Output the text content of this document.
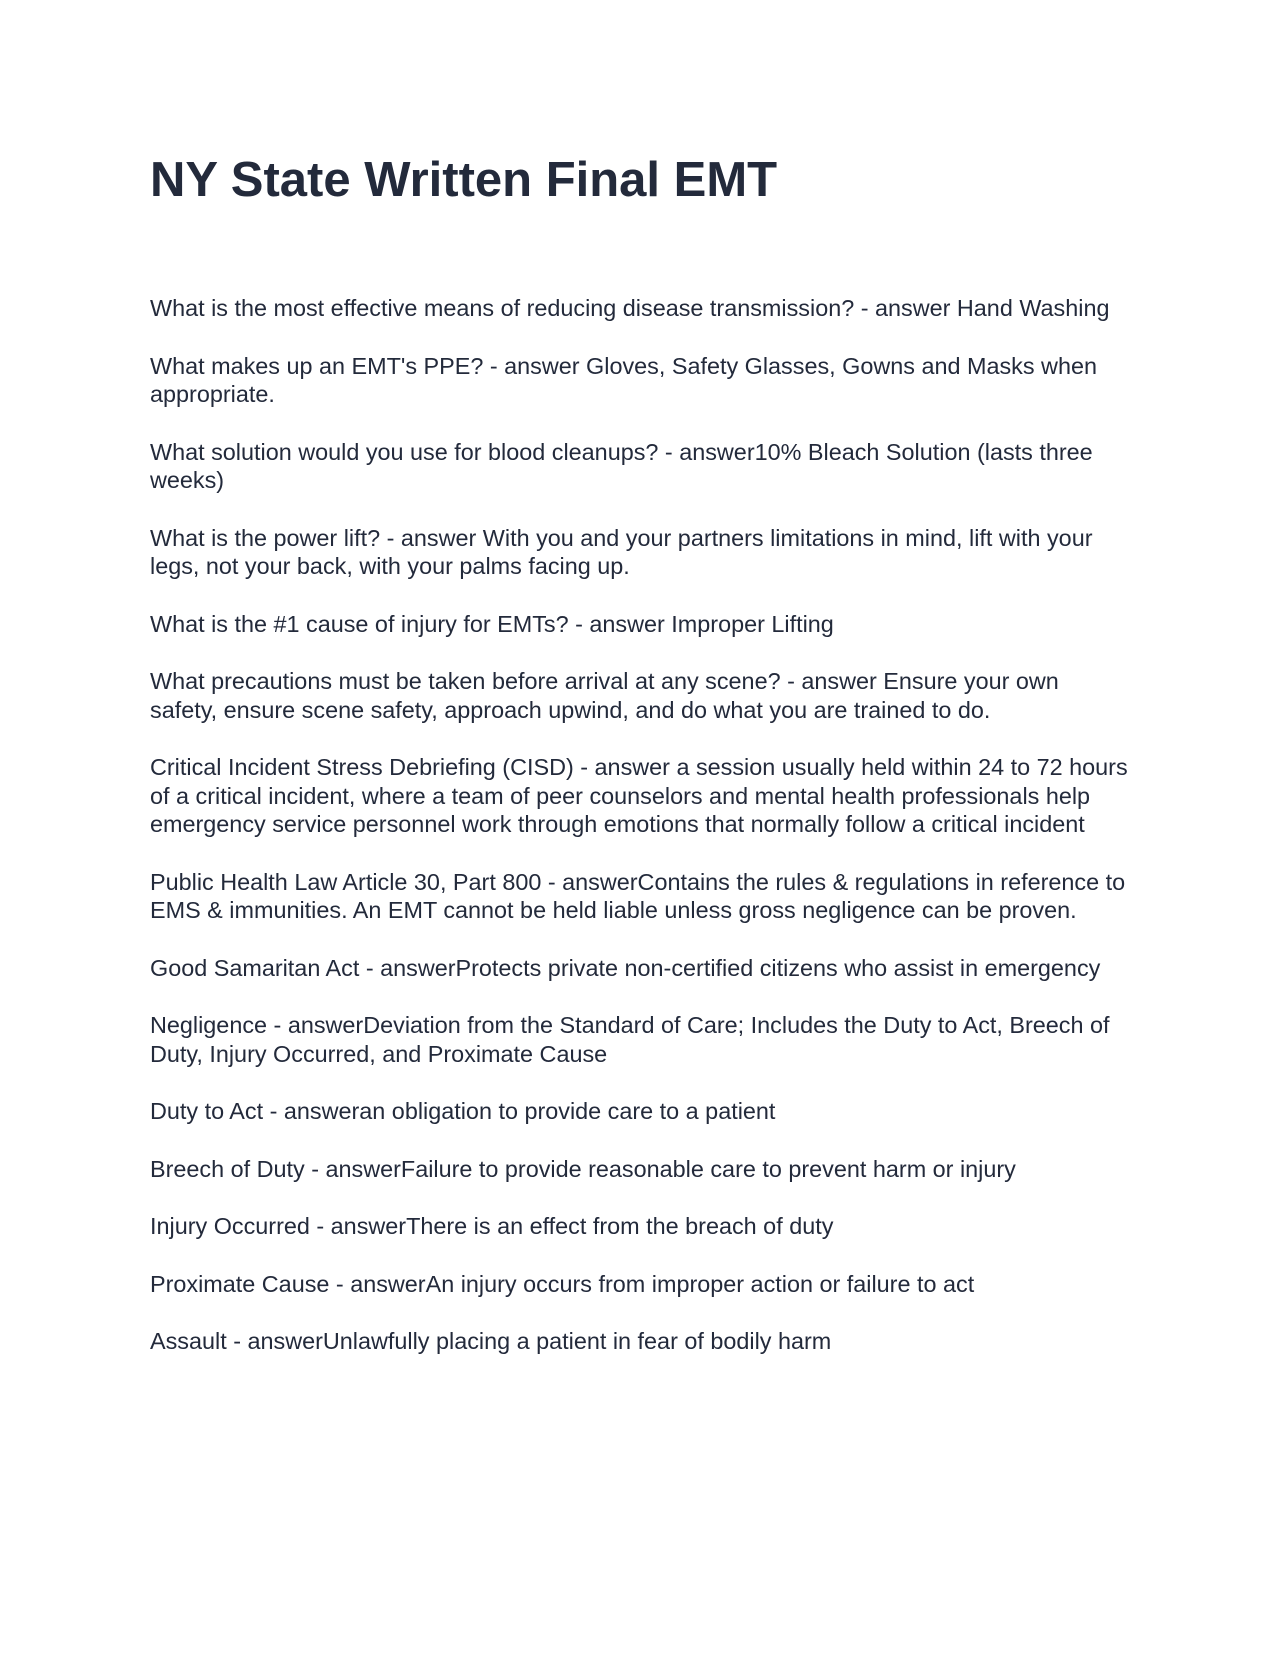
NY State Written Final EMT

What is the most effective means of reducing disease transmission? - answer Hand Washing

What makes up an EMT's PPE? - answer Gloves, Safety Glasses, Gowns and Masks when appropriate.

What solution would you use for blood cleanups? - answer10% Bleach Solution (lasts three weeks)

What is the power lift? - answer With you and your partners limitations in mind, lift with your legs, not your back, with your palms facing up.

What is the #1 cause of injury for EMTs? - answer Improper Lifting

What precautions must be taken before arrival at any scene? - answer Ensure your own safety, ensure scene safety, approach upwind, and do what you are trained to do.

Critical Incident Stress Debriefing (CISD) - answer a session usually held within 24 to 72 hours of a critical incident, where a team of peer counselors and mental health professionals help emergency service personnel work through emotions that normally follow a critical incident

Public Health Law Article 30, Part 800 - answerContains the rules & regulations in reference to EMS & immunities. An EMT cannot be held liable unless gross negligence can be proven.

Good Samaritan Act - answerProtects private non-certified citizens who assist in emergency

Negligence - answerDeviation from the Standard of Care; Includes the Duty to Act, Breech of Duty, Injury Occurred, and Proximate Cause

Duty to Act - answeran obligation to provide care to a patient

Breech of Duty - answerFailure to provide reasonable care to prevent harm or injury

Injury Occurred - answerThere is an effect from the breach of duty

Proximate Cause - answerAn injury occurs from improper action or failure to act

Assault - answerUnlawfully placing a patient in fear of bodily harm
